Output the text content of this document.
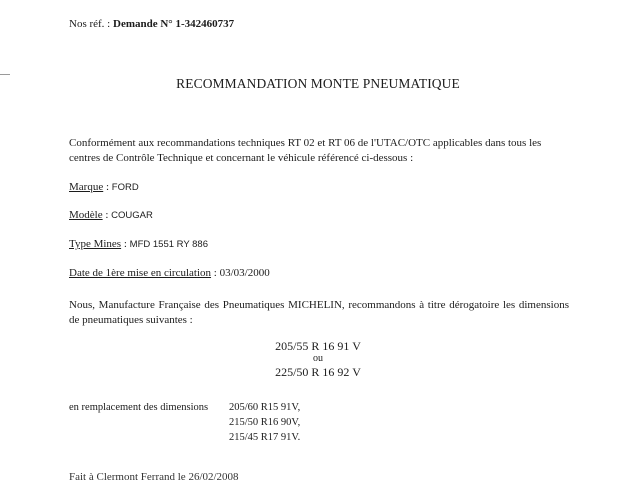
Nos réf. : Demande N° 1-342460737
RECOMMANDATION MONTE PNEUMATIQUE
Conformément aux recommandations techniques RT 02 et RT 06 de l'UTAC/OTC applicables dans tous les centres de Contrôle Technique et concernant le véhicule référencé ci-dessous :
Marque : FORD
Modèle : COUGAR
Type Mines : MFD 1551 RY 886
Date de 1ère mise en circulation : 03/03/2000
Nous, Manufacture Française des Pneumatiques MICHELIN, recommandons à titre dérogatoire les dimensions de pneumatiques suivantes :
205/55 R 16 91 V
ou
225/50 R 16 92 V
en remplacement des dimensions 205/60 R15 91V,
215/50 R16 90V,
215/45 R17 91V.
Fait à Clermont Ferrand le 26/02/2008
